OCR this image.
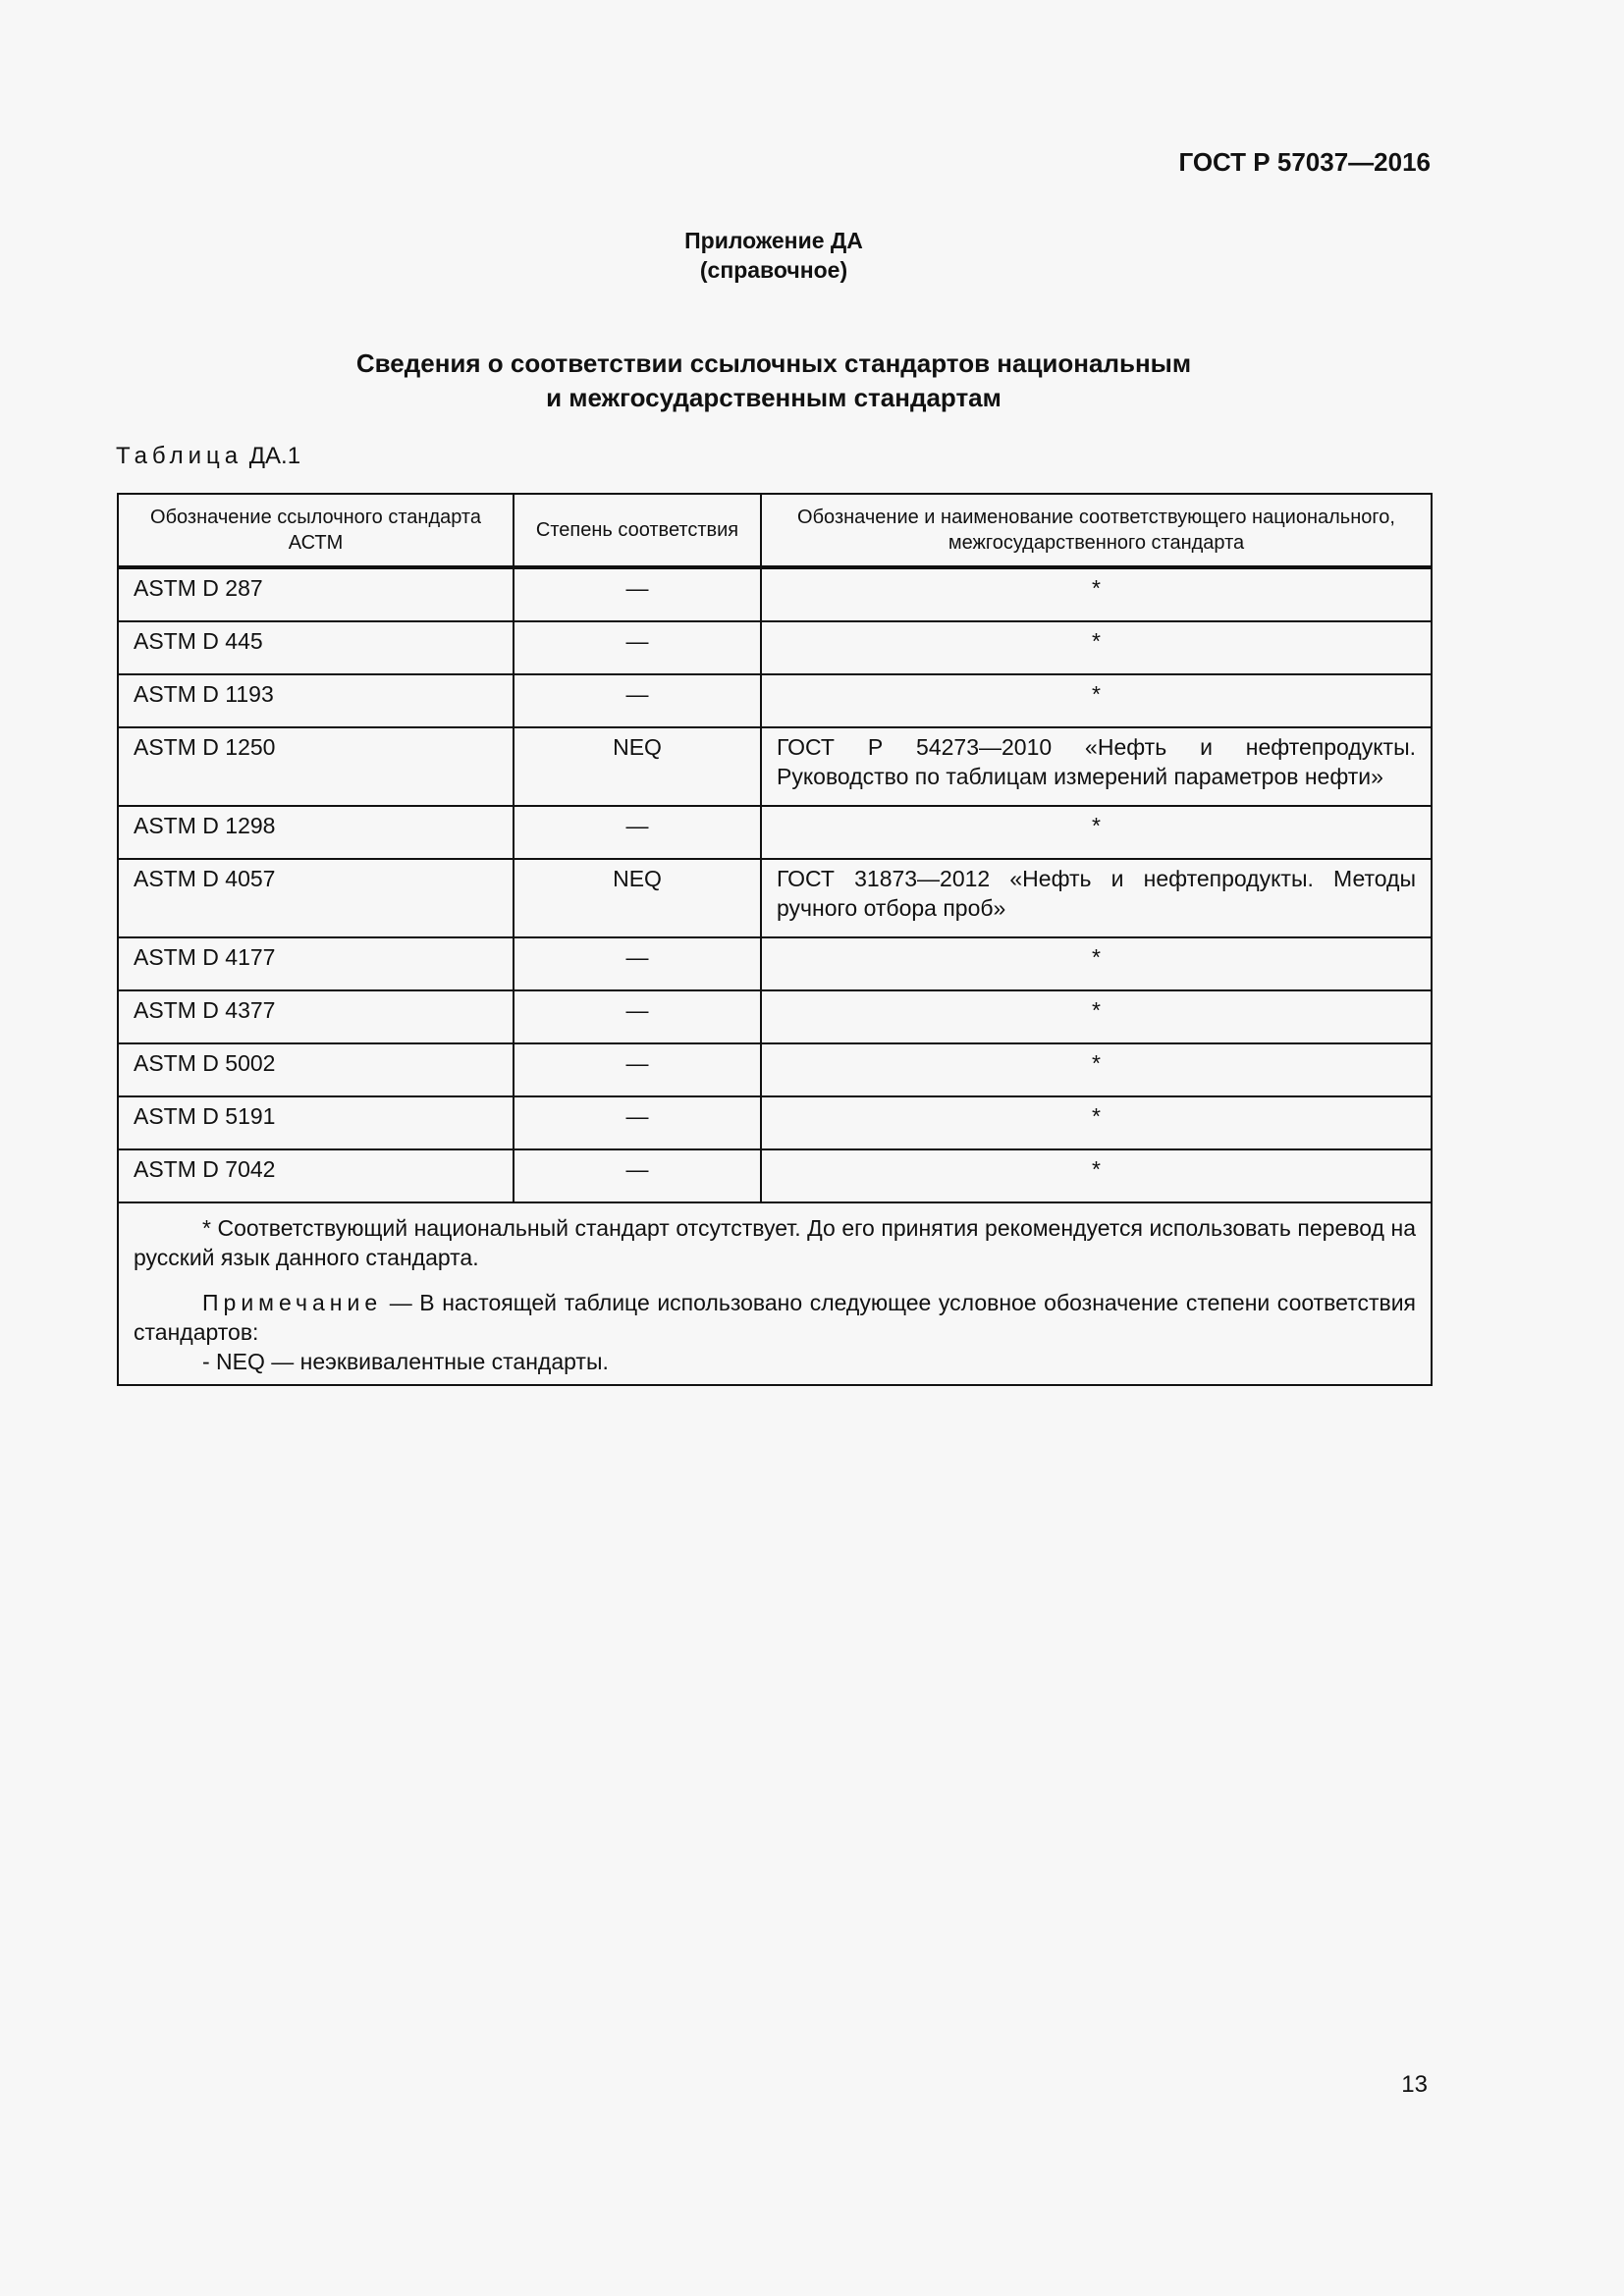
ГОСТ Р 57037—2016
Приложение ДА
(справочное)
Сведения о соответствии ссылочных стандартов национальным
и межгосударственным стандартам
Таблица ДА.1
Обозначение ссылочного стандарта АСТМ	Степень соответствия	Обозначение и наименование соответствующего национального, межгосударственного стандарта
ASTM D 287	—	*
ASTM D 445	—	*
ASTM D 1193	—	*
ASTM D 1250	NEQ	ГОСТ Р 54273—2010 «Нефть и нефтепродукты. Руководство по таблицам измерений параметров нефти»
ASTM D 1298	—	*
ASTM D 4057	NEQ	ГОСТ 31873—2012 «Нефть и нефтепродукты. Методы ручного отбора проб»
ASTM D 4177	—	*
ASTM D 4377	—	*
ASTM D 5002	—	*
ASTM D 5191	—	*
ASTM D 7042	—	*

* Соответствующий национальный стандарт отсутствует. До его принятия рекомендуется использовать перевод на русский язык данного стандарта.

Примечание — В настоящей таблице использовано следующее условное обозначение степени соответствия стандартов:

- NEQ — неэквивалентные стандарты.		

13
